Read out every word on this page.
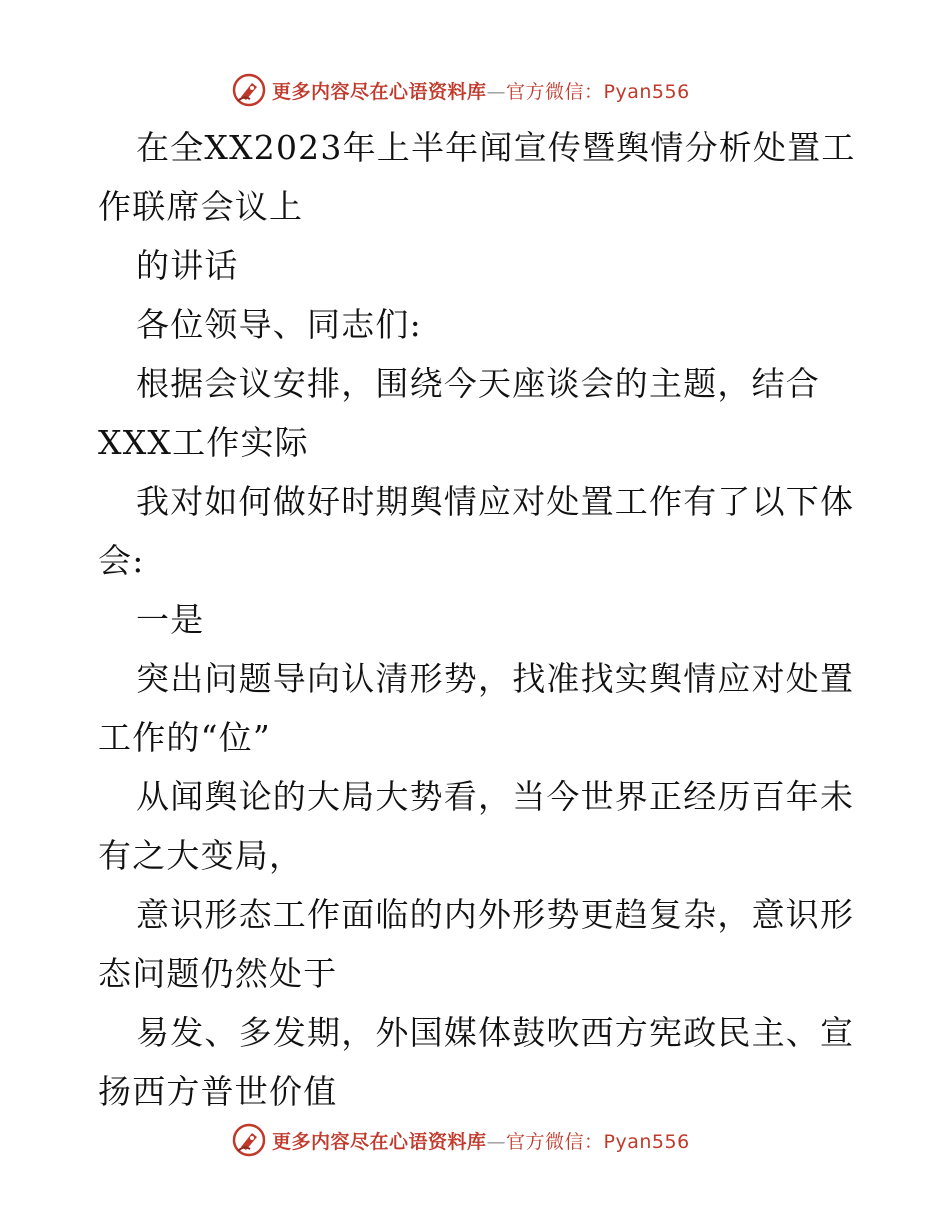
更多内容尽在心语资料库—官方微信：Pyan556
在全XX2023年上半年闻宣传暨舆情分析处置工
作联席会议上
的讲话
各位领导、同志们:
根据会议安排，围绕今天座谈会的主题，结合
XXX工作实际
我对如何做好时期舆情应对处置工作有了以下体
会:
一是
突出问题导向认清形势，找准找实舆情应对处置
工作的“位”
从闻舆论的大局大势看，当今世界正经历百年未
有之大变局，
意识形态工作面临的内外形势更趋复杂，意识形
态问题仍然处于
易发、多发期，外国媒体鼓吹西方宪政民主、宣
扬西方普世价值
更多内容尽在心语资料库—官方微信：Pyan556
